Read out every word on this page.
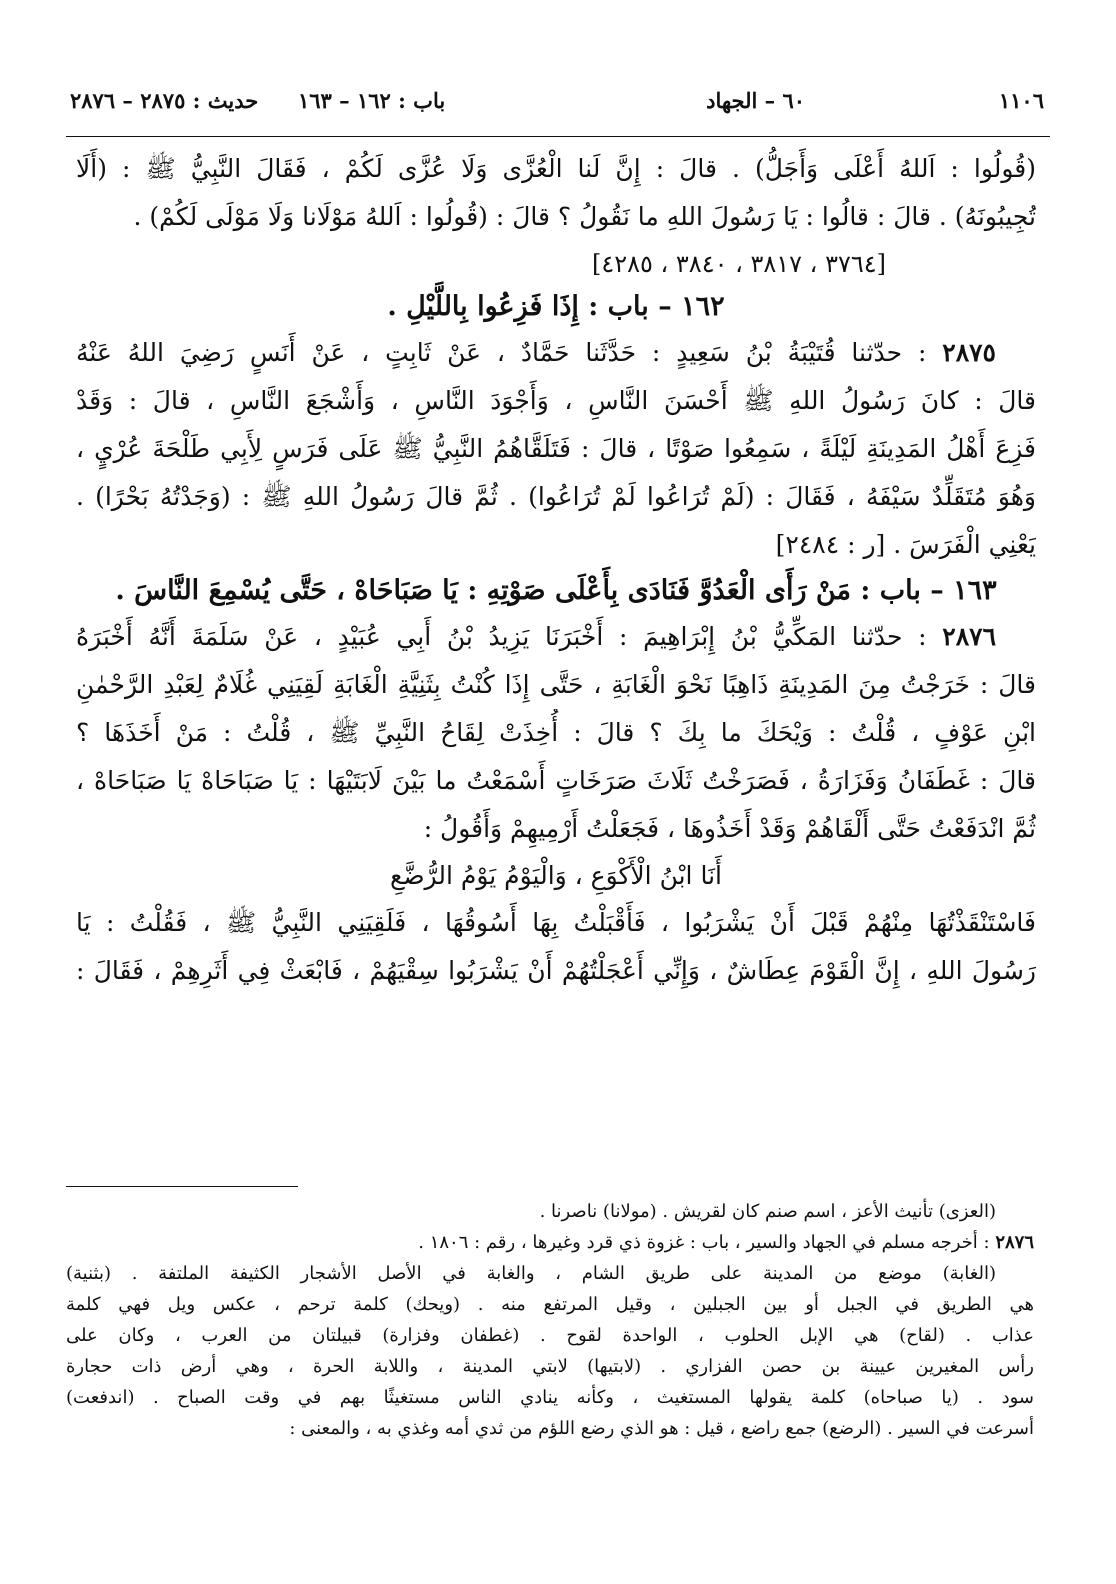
١١٠٦
٦٠ – الجهاد
باب : ١٦٢ – ١٦٣
حديث : ٢٨٧٥ – ٢٨٧٦
(قُولُوا : اَللهُ أَعْلَى وَأَجَلُّ) . قالَ : إِنَّ لَنا الْعُزَّى وَلَا عُزَّى لَكُمْ ، فَقَالَ النَّبِيُّ ﷺ : (أَلَا
تُجِيبُونَهُ) . قالَ : قالُوا : يَا رَسُولَ اللهِ ما نَقُولُ ؟ قالَ : (قُولُوا : اَللهُ مَوْلَانا وَلَا مَوْلَى لَكُمْ) .
[٣٧٦٤ ، ٣٨١٧ ، ٣٨٤٠ ، ٤٢٨٥]
١٦٢ – باب : إِذَا فَزِعُوا بِاللَّيْلِ .
٢٨٧٥ : حدّثنا قُتَيْبَةُ بْنُ سَعِيدٍ : حَدَّثَنا حَمَّادٌ ، عَنْ ثَابِتٍ ، عَنْ أَنَسٍ رَضِيَ اللهُ عَنْهُ
قالَ : كانَ رَسُولُ اللهِ ﷺ أَحْسَنَ النَّاسِ ، وَأَجْوَدَ النَّاسِ ، وَأَشْجَعَ النَّاسِ ، قالَ : وَقَدْ
فَزِعَ أَهْلُ المَدِينَةِ لَيْلَةً ، سَمِعُوا صَوْتًا ، قالَ : فَتَلَقَّاهُمُ النَّبِيُّ ﷺ عَلَى فَرَسٍ لِأَبِي طَلْحَةَ عُرْيٍ ،
وَهُوَ مُتَقَلِّدٌ سَيْفَهُ ، فَقَالَ : (لَمْ تُرَاعُوا لَمْ تُرَاعُوا) . ثُمَّ قالَ رَسُولُ اللهِ ﷺ : (وَجَدْتُهُ بَحْرًا) .
يَعْنِي الْفَرَسَ . [ر : ٢٤٨٤]
١٦٣ – باب : مَنْ رَأَى الْعَدُوَّ فَنَادَى بِأَعْلَى صَوْتِهِ : يَا صَبَاحَاهْ ، حَتَّى يُسْمِعَ النَّاسَ .
٢٨٧٦ : حدّثنا المَكِّيُّ بْنُ إِبْرَاهِيمَ : أَخْبَرَنَا يَزِيدُ بْنُ أَبِي عُبَيْدٍ ، عَنْ سَلَمَةَ أَنَّهُ أَخْبَرَهُ
قالَ : خَرَجْتُ مِنَ المَدِينَةِ ذَاهِبًا نَحْوَ الْغَابَةِ ، حَتَّى إِذَا كُنْتُ بِثَنِيَّةِ الْغَابَةِ لَقِيَنِي غُلَامٌ لِعَبْدِ الرَّحْمٰنِ
ابْنِ عَوْفٍ ، قُلْتُ : وَيْحَكَ ما بِكَ ؟ قالَ : أُخِذَتْ لِقَاحُ النَّبِيِّ ﷺ ، قُلْتُ : مَنْ أَخَذَهَا ؟
قالَ : غَطَفَانُ وَفَزَارَةُ ، فَصَرَخْتُ ثَلَاثَ صَرَخَاتٍ أَسْمَعْتُ ما بَيْنَ لَابَتَيْهَا : يَا صَبَاحَاهْ يَا صَبَاحَاهْ ،
ثُمَّ انْدَفَعْتُ حَتَّى أَلْقَاهُمْ وَقَدْ أَخَذُوهَا ، فَجَعَلْتُ أَرْمِيهِمْ وَأَقُولُ :
أَنَا ابْنُ الْأَكْوَعِ ، وَالْيَوْمُ يَوْمُ الرُّضَّعِ
فَاسْتَنْقَذْتُهَا مِنْهُمْ قَبْلَ أَنْ يَشْرَبُوا ، فَأَقْبَلْتُ بِهَا أَسُوقُهَا ، فَلَقِيَنِي النَّبِيُّ ﷺ ، فَقُلْتُ : يَا
رَسُولَ اللهِ ، إِنَّ الْقَوْمَ عِطَاشٌ ، وَإِنِّي أَعْجَلْتُهُمْ أَنْ يَشْرَبُوا سِقْيَهُمْ ، فَابْعَثْ فِي أَثَرِهِمْ ، فَقَالَ :
(العزى) تأنيث الأعز ، اسم صنم كان لقريش . (مولانا) ناصرنا .
٢٨٧٦ : أخرجه مسلم في الجهاد والسير ، باب : غزوة ذي قرد وغيرها ، رقم : ١٨٠٦ .
(الغابة) موضع من المدينة على طريق الشام ، والغابة في الأصل الأشجار الكثيفة الملتفة . (بثنية)
هي الطريق في الجبل أو بين الجبلين ، وقيل المرتفع منه . (ويحك) كلمة ترحم ، عكس ويل فهي كلمة
عذاب . (لقاح) هي الإبل الحلوب ، الواحدة لقوح . (غطفان وفزارة) قبيلتان من العرب ، وكان على
رأس المغيرين عيينة بن حصن الفزاري . (لابتيها) لابتي المدينة ، واللابة الحرة ، وهي أرض ذات حجارة
سود . (يا صباحاه) كلمة يقولها المستغيث ، وكأنه ينادي الناس مستغيثًا بهم في وقت الصباح . (اندفعت)
أسرعت في السير . (الرضع) جمع راضع ، قيل : هو الذي رضع اللؤم من ثدي أمه وغذي به ، والمعنى :
